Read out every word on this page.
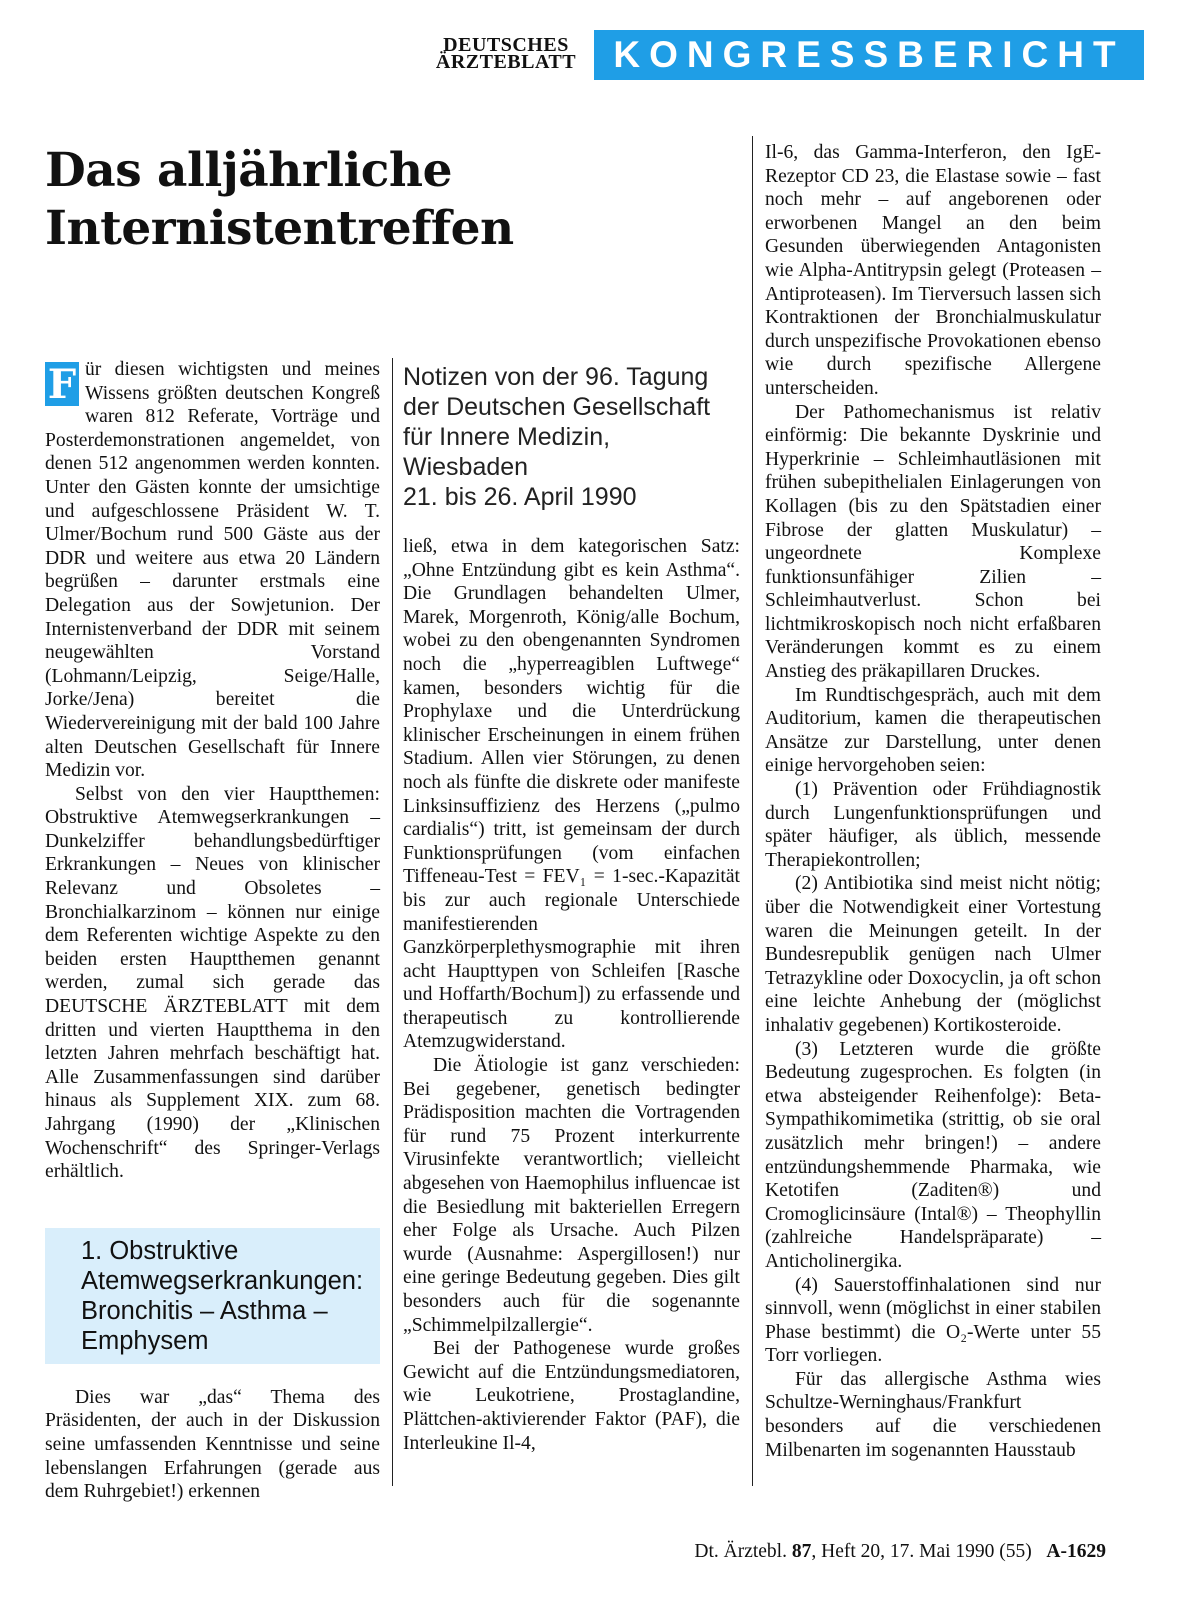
DEUTSCHES
ÄRZTEBLATT	KONGRESSBERICHT
Das alljährliche
Internistentreffen

F ür diesen wichtigsten und meines Wissens größten deutschen Kongreß waren 812 Referate, Vorträge und Posterdemonstrationen angemeldet, von denen 512 angenommen werden konnten. Unter den Gästen konnte der umsichtige und aufgeschlossene Präsident W. T. Ulmer/Bochum rund 500 Gäste aus der DDR und weitere aus etwa 20 Ländern begrüßen – darunter erstmals eine Delegation aus der Sowjetunion. Der Internistenverband der DDR mit seinem neugewählten Vorstand (Lohmann/Leipzig, Seige/Halle, Jorke/Jena) bereitet die Wiedervereinigung mit der bald 100 Jahre alten Deutschen Gesellschaft für Innere Medizin vor.

Selbst von den vier Hauptthemen: Obstruktive Atemwegserkrankungen – Dunkelziffer behandlungsbedürftiger Erkrankungen – Neues von klinischer Relevanz und Obsoletes – Bronchialkarzinom – können nur einige dem Referenten wichtige Aspekte zu den beiden ersten Hauptthemen genannt werden, zumal sich gerade das DEUTSCHE ÄRZTEBLATT mit dem dritten und vierten Hauptthema in den letzten Jahren mehrfach beschäftigt hat. Alle Zusammenfassungen sind darüber hinaus als Supplement XIX. zum 68. Jahrgang (1990) der „Klinischen Wochenschrift“ des Springer-Verlags erhältlich.

1. Obstruktive Atemwegserkrankungen: Bronchitis – Asthma – Emphysem

Dies war „das“ Thema des Präsidenten, der auch in der Diskussion seine umfassenden Kenntnisse und seine lebenslangen Erfahrungen (gerade aus dem Ruhrgebiet!) erkennen

Notizen von der 96. Tagung
der Deutschen Gesellschaft
für Innere Medizin,
Wiesbaden
21. bis 26. April 1990

ließ, etwa in dem kategorischen Satz: „Ohne Entzündung gibt es kein Asthma“. Die Grundlagen behandelten Ulmer, Marek, Morgenroth, König/alle Bochum, wobei zu den obengenannten Syndromen noch die „hyperreagiblen Luftwege“ kamen, besonders wichtig für die Prophylaxe und die Unterdrückung klinischer Erscheinungen in einem frühen Stadium. Allen vier Störungen, zu denen noch als fünfte die diskrete oder manifeste Linksinsuffizienz des Herzens („pulmo cardialis“) tritt, ist gemeinsam der durch Funktionsprüfungen (vom einfachen Tiffeneau-Test = FEV₁ = 1-sec.-Kapazität bis zur auch regionale Unterschiede manifestierenden Ganzkörperplethysmographie mit ihren acht Haupttypen von Schleifen [Rasche und Hoffarth/Bochum]) zu erfassende und therapeutisch zu kontrollierende Atemzugwiderstand.

Die Ätiologie ist ganz verschieden: Bei gegebener, genetisch bedingter Prädisposition machten die Vortragenden für rund 75 Prozent interkurrente Virusinfekte verantwortlich; vielleicht abgesehen von Haemophilus influencae ist die Besiedlung mit bakteriellen Erregern eher Folge als Ursache. Auch Pilzen wurde (Ausnahme: Aspergillosen!) nur eine geringe Bedeutung gegeben. Dies gilt besonders auch für die sogenannte „Schimmelpilzallergie“.

Bei der Pathogenese wurde großes Gewicht auf die Entzündungsmediatoren, wie Leukotriene, Prostaglandine, Plättchen-aktivierender Faktor (PAF), die Interleukine Il-4,

Il-6, das Gamma-Interferon, den IgE-Rezeptor CD 23, die Elastase sowie – fast noch mehr – auf angeborenen oder erworbenen Mangel an den beim Gesunden überwiegenden Antagonisten wie Alpha-Antitrypsin gelegt (Proteasen – Antiproteasen). Im Tierversuch lassen sich Kontraktionen der Bronchialmuskulatur durch unspezifische Provokationen ebenso wie durch spezifische Allergene unterscheiden.

Der Pathomechanismus ist relativ einförmig: Die bekannte Dyskrinie und Hyperkrinie – Schleimhautläsionen mit frühen subepithelialen Einlagerungen von Kollagen (bis zu den Spätstadien einer Fibrose der glatten Muskulatur) – ungeordnete Komplexe funktionsunfähiger Zilien – Schleimhautverlust. Schon bei lichtmikroskopisch noch nicht erfaßbaren Veränderungen kommt es zu einem Anstieg des präkapillaren Druckes.

Im Rundtischgespräch, auch mit dem Auditorium, kamen die therapeutischen Ansätze zur Darstellung, unter denen einige hervorgehoben seien:

(1) Prävention oder Frühdiagnostik durch Lungenfunktionsprüfungen und später häufiger, als üblich, messende Therapiekontrollen;

(2) Antibiotika sind meist nicht nötig; über die Notwendigkeit einer Vortestung waren die Meinungen geteilt. In der Bundesrepublik genügen nach Ulmer Tetrazykline oder Doxocyclin, ja oft schon eine leichte Anhebung der (möglichst inhalativ gegebenen) Kortikosteroide.

(3) Letzteren wurde die größte Bedeutung zugesprochen. Es folgten (in etwa absteigender Reihenfolge): Beta-Sympathikomimetika (strittig, ob sie oral zusätzlich mehr bringen!) – andere entzündungshemmende Pharmaka, wie Ketotifen (Zaditen®) und Cromoglicinsäure (Intal®) – Theophyllin (zahlreiche Handelspräparate) – Anticholinergika.

(4) Sauerstoffinhalationen sind nur sinnvoll, wenn (möglichst in einer stabilen Phase bestimmt) die O₂-Werte unter 55 Torr vorliegen.

Für das allergische Asthma wies Schultze-Werninghaus/Frankfurt besonders auf die verschiedenen Milbenarten im sogenannten Hausstaub

Dt. Ärztebl. 87, Heft 20, 17. Mai 1990 (55) A-1629
